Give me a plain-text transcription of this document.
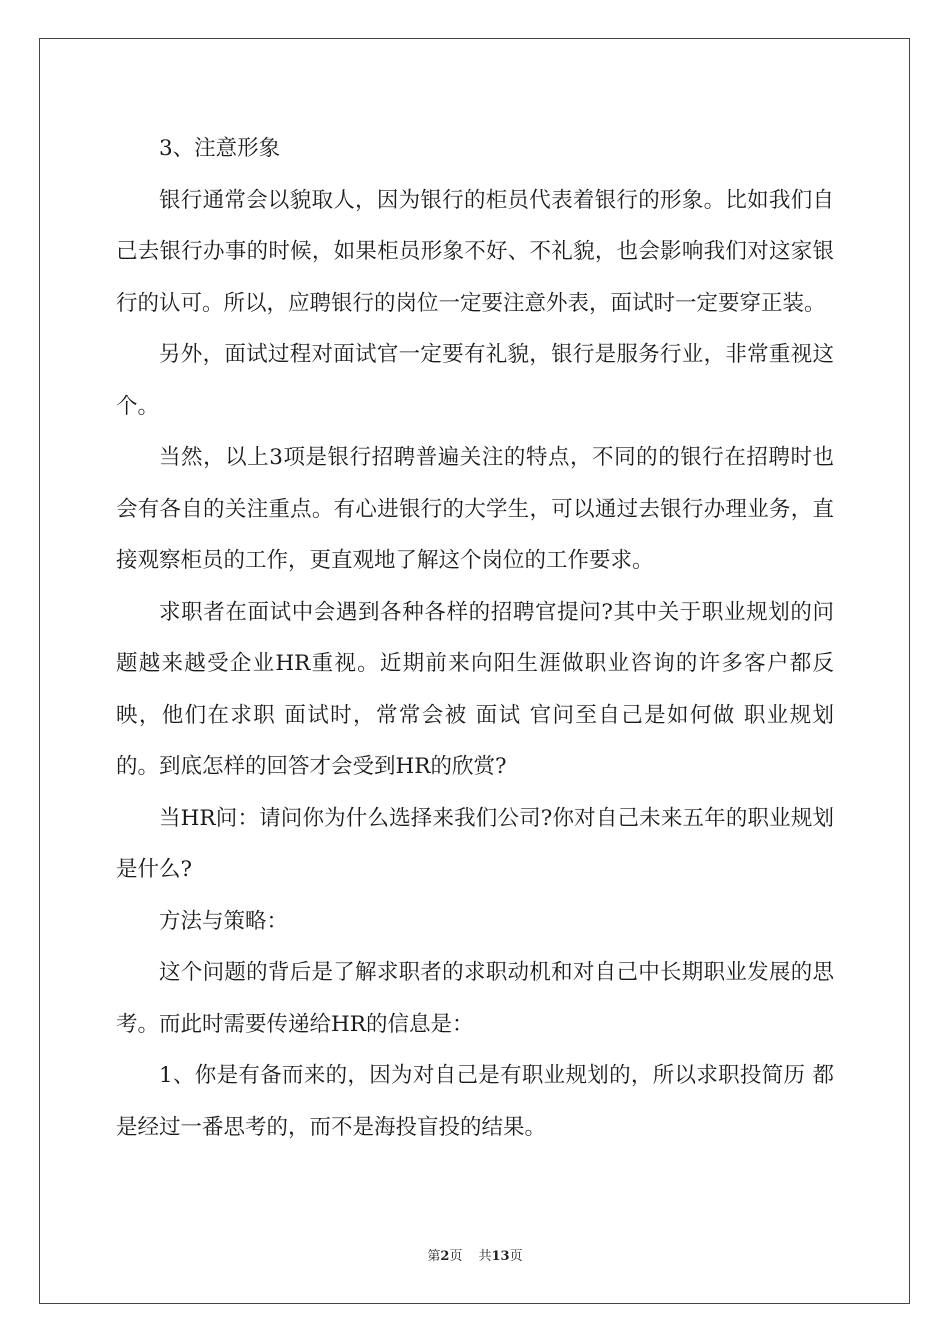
3、注意形象

银行通常会以貌取人，因为银行的柜员代表着银行的形象。比如我们自己去银行办事的时候，如果柜员形象不好、不礼貌，也会影响我们对这家银行的认可。所以，应聘银行的岗位一定要注意外表，面试时一定要穿正装。

另外，面试过程对面试官一定要有礼貌，银行是服务行业，非常重视这个。

当然，以上3项是银行招聘普遍关注的特点，不同的的银行在招聘时也会有各自的关注重点。有心进银行的大学生，可以通过去银行办理业务，直接观察柜员的工作，更直观地了解这个岗位的工作要求。

求职者在面试中会遇到各种各样的招聘官提问?其中关于职业规划的问题越来越受企业HR重视。近期前来向阳生涯做职业咨询的许多客户都反映，他们在求职 面试时，常常会被 面试 官问至自己是如何做 职业规划 的。到底怎样的回答才会受到HR的欣赏?

当HR问：请问你为什么选择来我们公司?你对自己未来五年的职业规划是什么?

方法与策略：

这个问题的背后是了解求职者的求职动机和对自己中长期职业发展的思考。而此时需要传递给HR的信息是：

1、你是有备而来的，因为对自己是有职业规划的，所以求职投简历 都是经过一番思考的，而不是海投盲投的结果。

第2页 共13页
